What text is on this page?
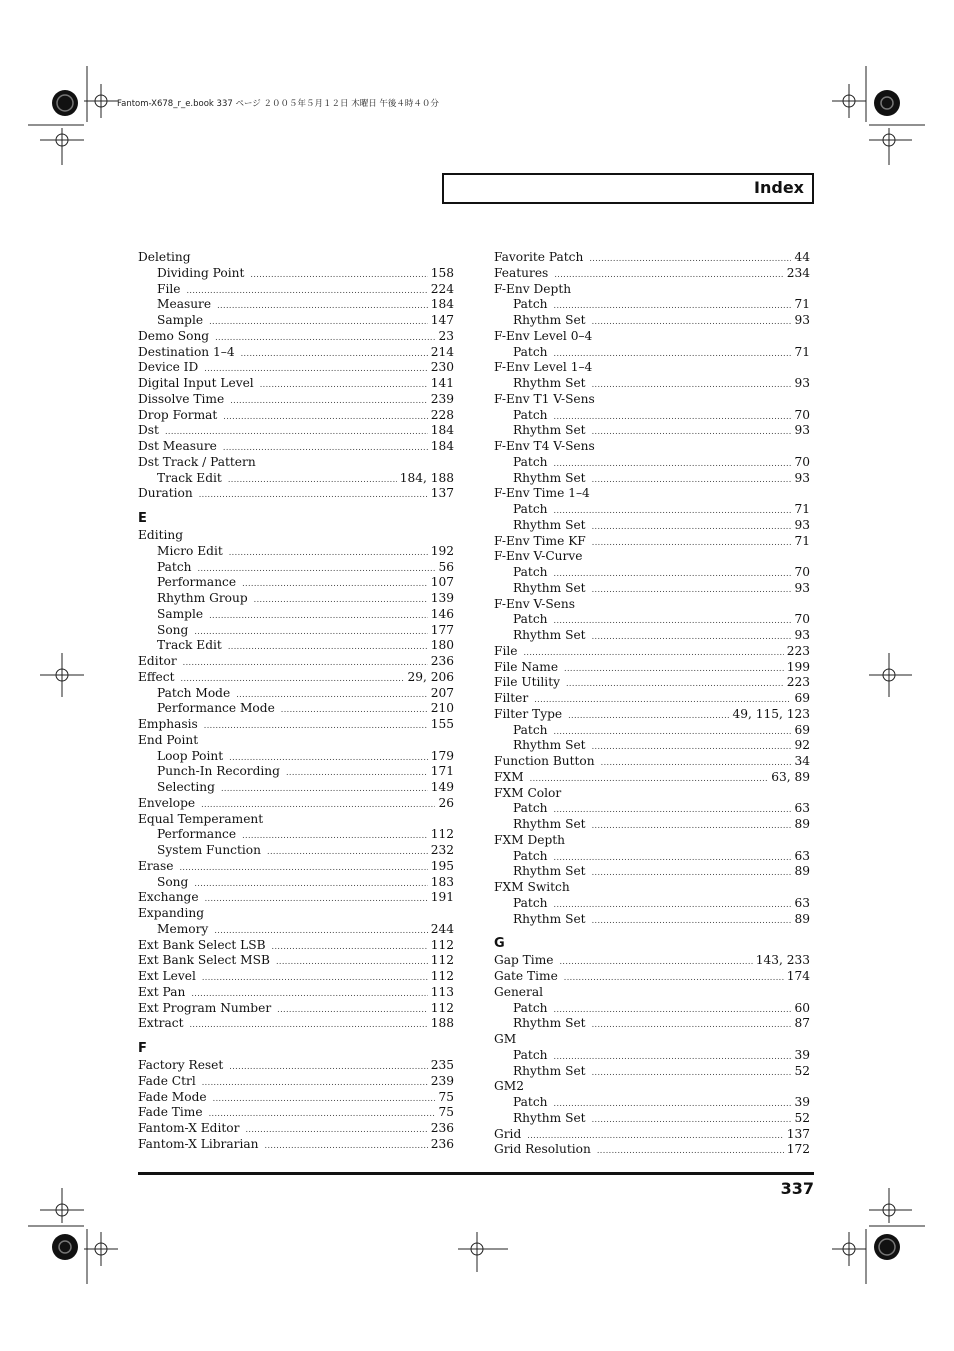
Fantom-X678_r_e.book 337 ページ ２００５年５月１２日 木曜日 午後４時４０分
Index
Deleting
Dividing Point .....	158
File .....	224
Measure .....	184
Sample .....	147
Demo Song .....	23
Destination 1–4 .....	214
Device ID .....	230
Digital Input Level .....	141
Dissolve Time .....	239
Drop Format .....	228
Dst .....	184
Dst Measure .....	184
Dst Track / Pattern
Track Edit .....	184, 188
Duration .....	137
E
Editing
Micro Edit .....	192
Patch .....	56
Performance .....	107
Rhythm Group .....	139
Sample .....	146
Song .....	177
Track Edit .....	180
Editor .....	236
Effect .....	29, 206
Patch Mode .....	207
Performance Mode .....	210
Emphasis .....	155
End Point
Loop Point .....	179
Punch-In Recording .....	171
Selecting .....	149
Envelope .....	26
Equal Temperament
Performance .....	112
System Function .....	232
Erase .....	195
Song .....	183
Exchange .....	191
Expanding
Memory .....	244
Ext Bank Select LSB .....	112
Ext Bank Select MSB .....	112
Ext Level .....	112
Ext Pan .....	113
Ext Program Number .....	112
Extract .....	188
F
Factory Reset .....	235
Fade Ctrl .....	239
Fade Mode .....	75
Fade Time .....	75
Fantom-X Editor .....	236
Fantom-X Librarian .....	236
Favorite Patch .....	44
Features .....	234
F-Env Depth
Patch .....	71
Rhythm Set .....	93
F-Env Level 0–4
Patch .....	71
F-Env Level 1–4
Rhythm Set .....	93
F-Env T1 V-Sens
Patch .....	70
Rhythm Set .....	93
F-Env T4 V-Sens
Patch .....	70
Rhythm Set .....	93
F-Env Time 1–4
Patch .....	71
Rhythm Set .....	93
F-Env Time KF .....	71
F-Env V-Curve
Patch .....	70
Rhythm Set .....	93
F-Env V-Sens
Patch .....	70
Rhythm Set .....	93
File .....	223
File Name .....	199
File Utility .....	223
Filter .....	69
Filter Type .....	49, 115, 123
Patch .....	69
Rhythm Set .....	92
Function Button .....	34
FXM .....	63, 89
FXM Color
Patch .....	63
Rhythm Set .....	89
FXM Depth
Patch .....	63
Rhythm Set .....	89
FXM Switch
Patch .....	63
Rhythm Set .....	89
G
Gap Time .....	143, 233
Gate Time .....	174
General
Patch .....	60
Rhythm Set .....	87
GM
Patch .....	39
Rhythm Set .....	52
GM2
Patch .....	39
Rhythm Set .....	52
Grid .....	137
Grid Resolution .....	172
337
